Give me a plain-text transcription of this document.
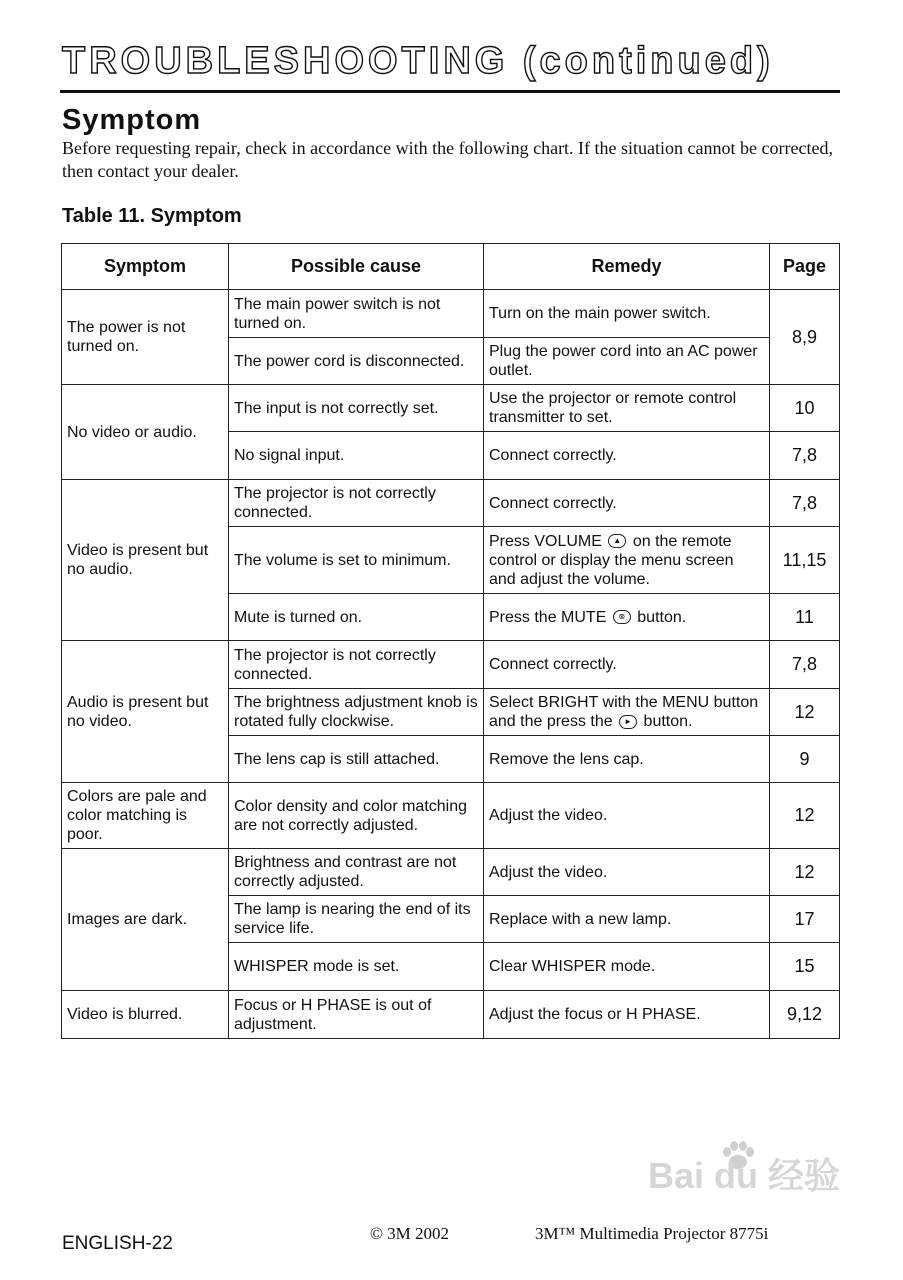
TROUBLESHOOTING (continued)
Symptom
Before requesting repair, check in accordance with the following chart. If the situation cannot be corrected, then contact your dealer.
Table 11. Symptom
Symptom	Possible cause	Remedy	Page
The power is not turned on.	The main power switch is not turned on.	Turn on the main power switch.	8,9
	The power cord is disconnected.	Plug the power cord into an AC power outlet.	
No video or audio.	The input is not correctly set.	Use the projector or remote control transmitter to set.	10
	No signal input.	Connect correctly.	7,8
Video is present but no audio.	The projector is not correctly connected.	Connect correctly.	7,8
	The volume is set to minimum.	Press VOLUME ▲ on the remote control or display the menu screen and adjust the volume.	11,15
	Mute is turned on.	Press the MUTE ⊗ button.	11
Audio is present but no video.	The projector is not correctly connected.	Connect correctly.	7,8
	The brightness adjustment knob is rotated fully clockwise.	Select BRIGHT with the MENU button and the press the ► button.	12
	The lens cap is still attached.	Remove the lens cap.	9
Colors are pale and color matching is poor.	Color density and color matching are not correctly adjusted.	Adjust the video.	12
Images are dark.	Brightness and contrast are not correctly adjusted.	Adjust the video.	12
	The lamp is nearing the end of its service life.	Replace with a new lamp.	17
	WHISPER mode is set.	Clear WHISPER mode.	15
Video is blurred.	Focus or H PHASE is out of adjustment.	Adjust the focus or H PHASE.	9,12
Bai du 经验
ENGLISH-22	© 3M 2002	3M™ Multimedia Projector 8775i
